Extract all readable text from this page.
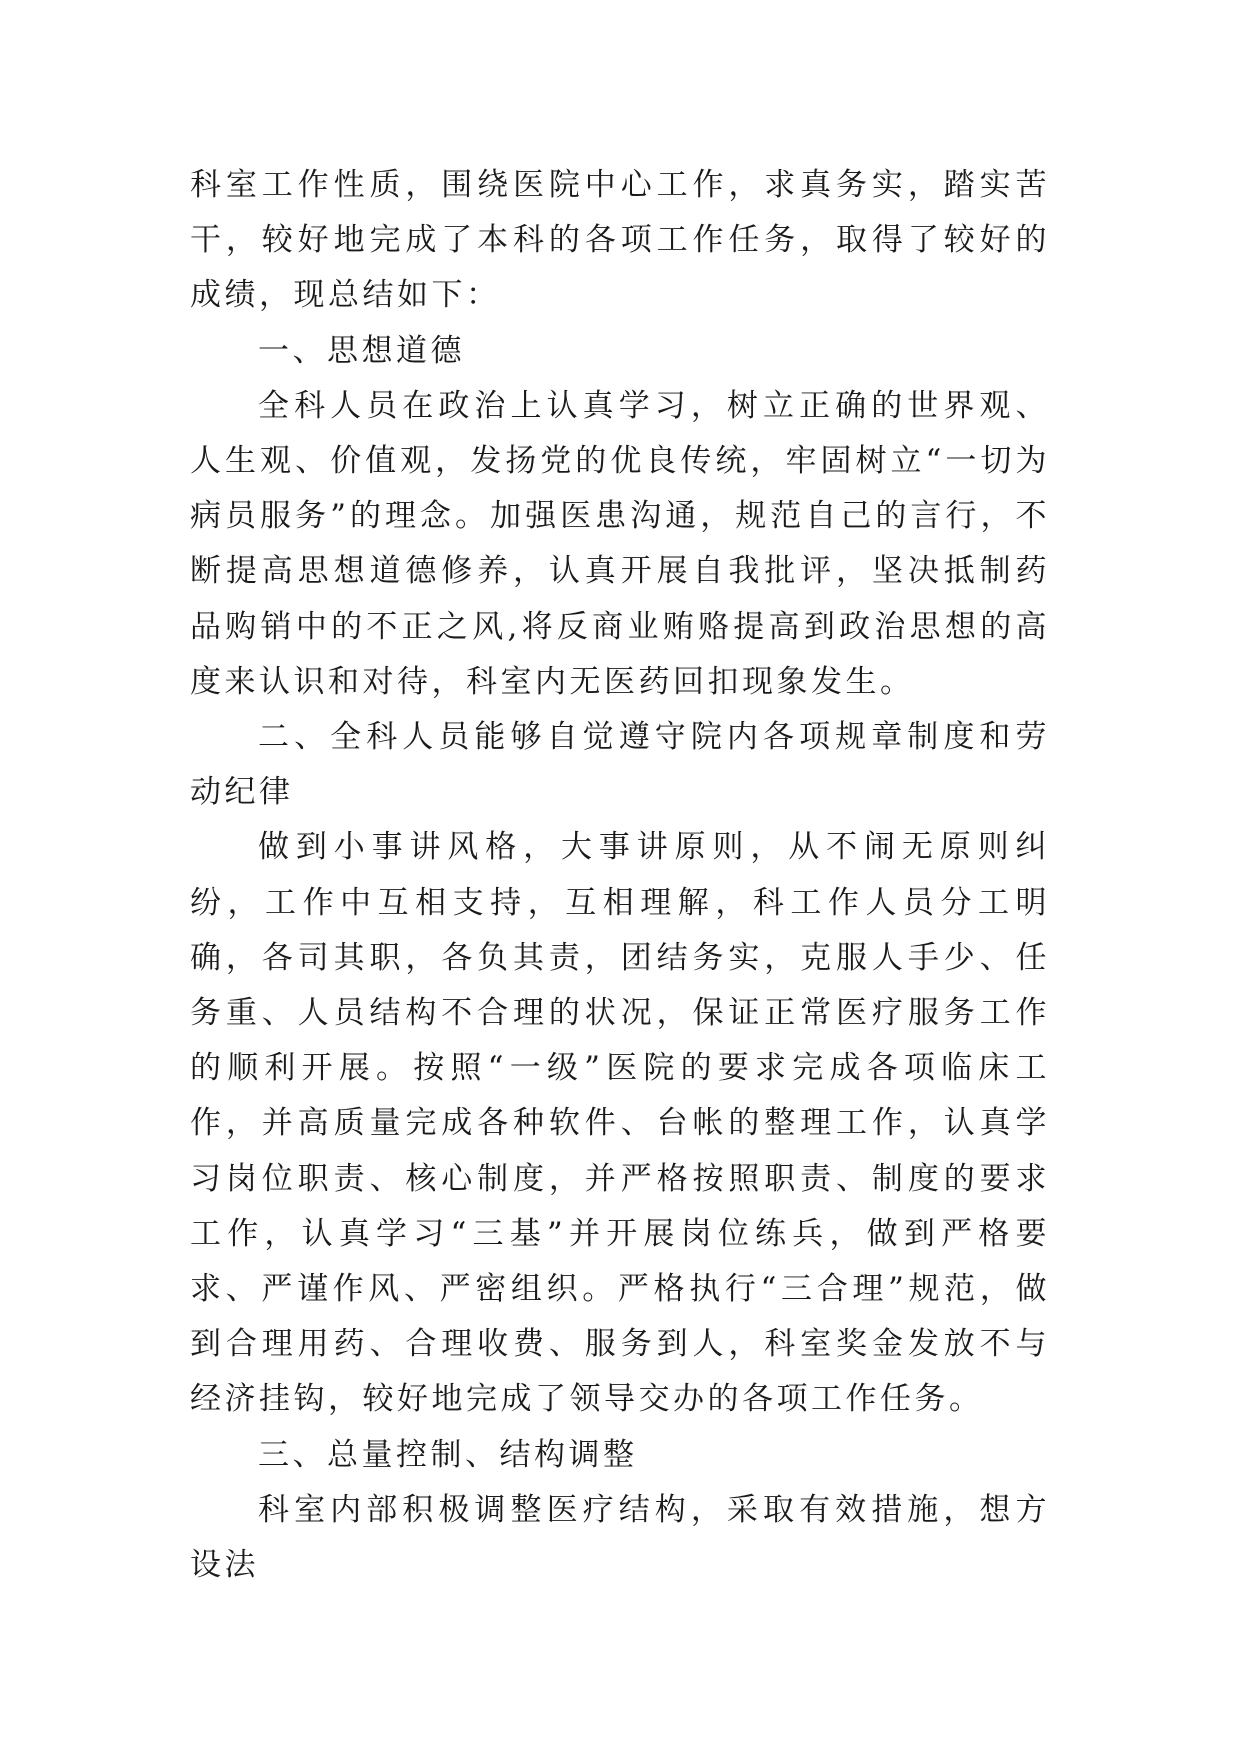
科室工作性质，围绕医院中心工作，求真务实，踏实苦干，较好地完成了本科的各项工作任务，取得了较好的成绩，现总结如下：

一、思想道德

全科人员在政治上认真学习，树立正确的世界观、人生观、价值观，发扬党的优良传统，牢固树立“一切为病员服务”的理念。加强医患沟通，规范自己的言行，不断提高思想道德修养，认真开展自我批评，坚决抵制药品购销中的不正之风,将反商业贿赂提高到政治思想的高度来认识和对待，科室内无医药回扣现象发生。

二、全科人员能够自觉遵守院内各项规章制度和劳动纪律

做到小事讲风格，大事讲原则，从不闹无原则纠纷，工作中互相支持，互相理解，科工作人员分工明确，各司其职，各负其责，团结务实，克服人手少、任务重、人员结构不合理的状况，保证正常医疗服务工作的顺利开展。按照“一级”医院的要求完成各项临床工作，并高质量完成各种软件、台帐的整理工作，认真学习岗位职责、核心制度，并严格按照职责、制度的要求工作，认真学习“三基”并开展岗位练兵，做到严格要求、严谨作风、严密组织。严格执行“三合理”规范，做到合理用药、合理收费、服务到人，科室奖金发放不与经济挂钩，较好地完成了领导交办的各项工作任务。

三、总量控制、结构调整

科室内部积极调整医疗结构，采取有效措施，想方设法
